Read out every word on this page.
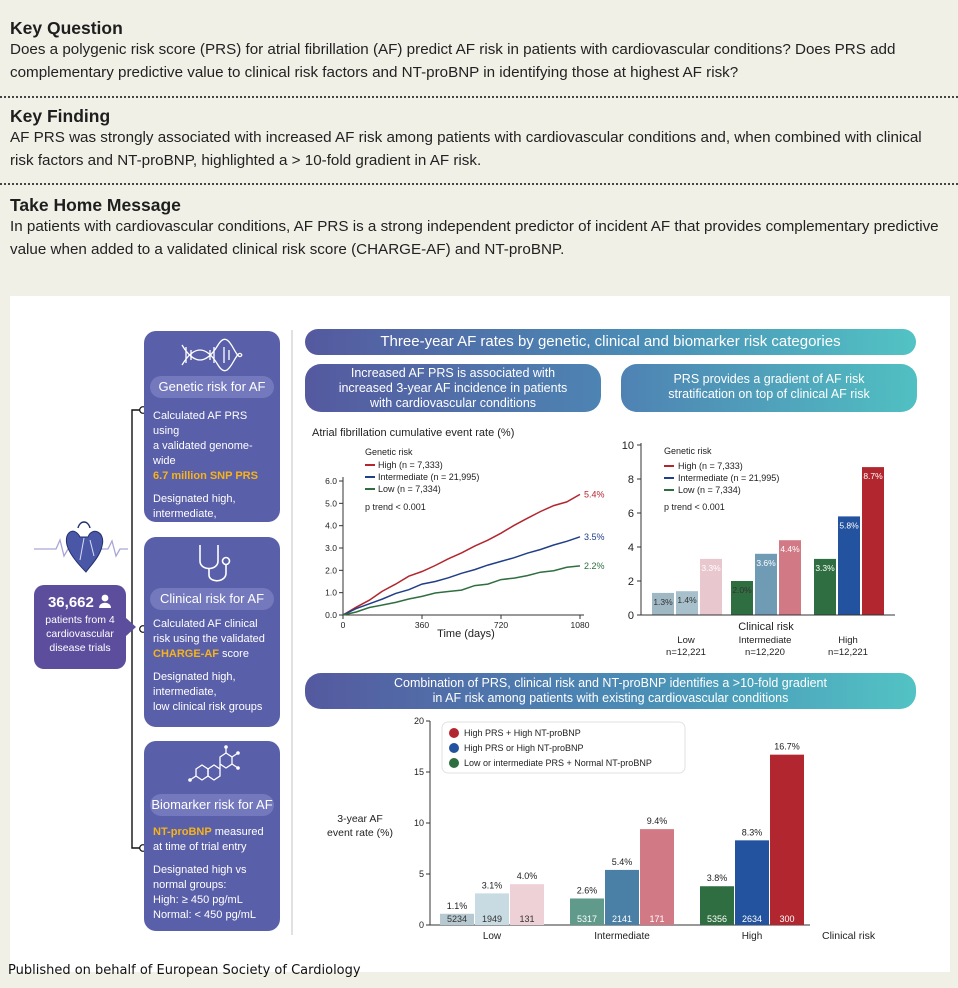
Key Question

Does a polygenic risk score (PRS) for atrial fibrillation (AF) predict AF risk in patients with cardiovascular conditions? Does PRS add complementary predictive value to clinical risk factors and NT-proBNP in identifying those at highest AF risk?

Key Finding

AF PRS was strongly associated with increased AF risk among patients with cardiovascular conditions and, when combined with clinical risk factors and NT-proBNP, highlighted a > 10-fold gradient in AF risk.

Take Home Message

In patients with cardiovascular conditions, AF PRS is a strong independent predictor of incident AF that provides complementary predictive value when added to a validated clinical risk score (CHARGE-AF) and NT-proBNP.

36,662
patients from 4
cardiovascular
disease trials
Genetic risk for AF
Calculated AF PRS using
a validated genome-wide
6.7 million SNP PRS
Designated high,
intermediate,
low genetic risk groups
Clinical risk for AF
Calculated AF clinical
risk using the validated
CHARGE-AF score
Designated high,
intermediate,
low clinical risk groups
Biomarker risk for AF
NT-proBNP measured
at time of trial entry
Designated high vs
normal groups:
High: ≥ 450 pg/mL
Normal: < 450 pg/mL
Three-year AF rates by genetic, clinical and biomarker risk categories
Increased AF PRS is associated with
increased 3-year AF incidence in patients
with cardiovascular conditions
PRS provides a gradient of AF risk
stratification on top of clinical AF risk
Combination of PRS, clinical risk and NT-proBNP identifies a >10-fold gradient
in AF risk among patients with existing cardiovascular conditions
Atrial fibrillation cumulative event rate (%)
0.0
1.0
2.0
3.0
4.0
5.0
6.0
0	360	720	1080
Time (days)
5.4%
3.5%
2.2%
Genetic risk
High (n = 7,333)
Intermediate (n = 21,995)
Low (n = 7,334)
p trend < 0.001
0
2
4
6
8
10
1.3% 1.4%
3.3%
Low
n=12,221
2.0%
3.6%
4.4%
Intermediate
n=12,220
3.3%
5.8%
8.7%
High
n=12,221
Clinical risk
Genetic risk
High (n = 7,333)
Intermediate (n = 21,995)
Low (n = 7,334)
p trend < 0.001
0
5
10
15
20
3-year AF
event rate (%)
1.1%
5234
3.1%
1949
4.0%
131
Low
2.6%
5317
5.4%
2141
9.4%
171
Intermediate
3.8%
5356
8.3%
2634
16.7%
300
High	Clinical risk
High PRS + High NT-proBNP
High PRS or High NT-proBNP
Low or intermediate PRS + Normal NT-proBNP
Published on behalf of European Society of Cardiology
